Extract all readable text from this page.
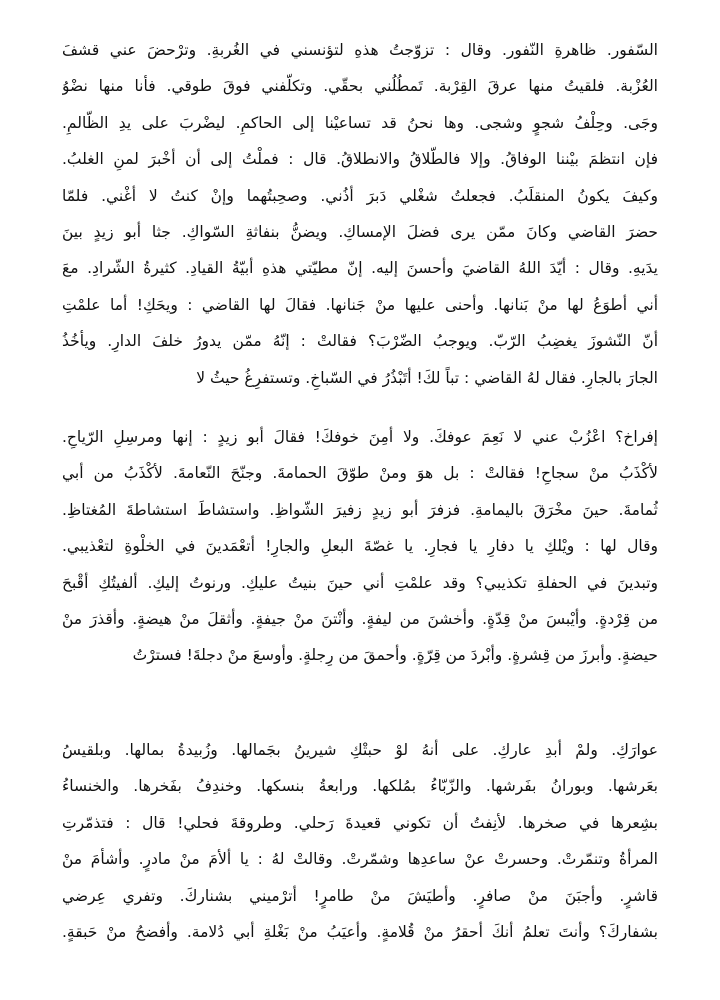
السّفور. ظاهرةِ النّفور. وقال : تزوّجتُ هذهِ لتؤنسني في الغُربةِ. وترْحضَ عني قشفَ
العُزْبة. فلقيتُ منها عرقَ القِرْبة. تَمطُلُني بحقّي. وتكلّفني فوقَ طوقي. فأنا منها نضْوُ
وجَى. وحِلْفُ شجوٍ وشجى. وها نحنُ قد تساعيْنا إلى الحاكمِ. ليضْربَ على يدِ الظّالمِ.
فإن انتظمَ بيْننا الوفاقُ. وإلا فالطّلاقُ والانطلاقُ. قال : فملْتُ إلى أن أخْبرَ لمنِ الغلبُ.
وكيفَ يكونُ المنقلَبُ. فجعلتُ شغْلي دَبرَ أذُني. وصحِبتُهما وإنْ كنتُ لا أغْني. فلمّا
حضرَ القاضي وكانَ ممّن يرى فضلَ الإمساكِ. ويضنُّ بنفاثةِ السّواكِ. جثا أبو زيدٍ بينَ
يدَيهِ. وقال : أيّدَ اللهُ القاضيَ وأحسنَ إليه. إنّ مطيّتي هذهِ أبيّةُ القيادِ. كثيرةُ الشّرادِ. معَ
أني أطوَعُ لها منْ بَنانها. وأحنى عليها منْ جَنانها. فقالَ لها القاضي : ويحَكِ! أما علمْتِ
أنّ النّشوزَ يغضِبُ الرّبّ. ويوجبُ الضّرْبَ؟ فقالتْ : إنّهُ ممّن يدورُ خلفَ الدارِ. ويأخُذُ
الجارَ بالجارِ. فقال لهُ القاضي : تباً لكَ! أتَبْذُرُ في السّباخِ. وتستفرِغُ حيثُ لا
إفراخ؟ اعْزُبْ عني لا نَعِمَ عوفكَ. ولا أمِنَ خوفكَ! فقالَ أبو زيدٍ : إنها ومرسِلِ الرّياحِ.
لأكْذَبُ منْ سجاحِ! فقالتْ : بل هوَ ومنْ طوّقَ الحمامةَ. وجنّحَ النّعامةَ. لأكْذَبُ من أبي
ثُمامةَ. حينَ مخْرَقَ باليمامةِ. فزفرَ أبو زيدٍ زفيرَ الشّواظِ. واستشاطَ استشاطةَ المُغتاظِ.
وقال لها : ويْلكِ يا دفارِ يا فجارِ. يا غصّةَ البعلِ والجارِ! أتعْمَدينَ في الخلْوةِ لتعْذيبي.
وتبدينَ في الحفلةِ تكذيبي؟ وقد علمْتِ أني حينَ بنيتُ عليكِ. ورنوتُ إليكِ. ألفيتُكِ أقْبحَ
من قِرْدةٍ. وأيْبسَ منْ قِدّةٍ. وأخشنَ من ليفةٍ. وأنْتنَ منْ جيفةٍ. وأثقلَ منْ هيضةٍ. وأقذرَ منْ
حيضةٍ. وأبرزَ من قِشرةٍ. وأبْردَ من قِرّةٍ. وأحمقَ من رِجلةٍ. وأوسعَ منْ دجلةَ! فسترْتُ
عوارَكِ. ولمْ أبدِ عاركِ. على أنهُ لوْ حبتْكِ شيرينُ بجَمالها. وزُبيدةُ بمالها. وبلقيسُ
بعَرشها. وبورانُ بفَرشها. والزّبّاءُ بمُلكها. ورابعةُ بنسكها. وخندِفُ بفَخرها. والخنساءُ
بشِعرها في صخرها. لأنِفتُ أن تكوني قعيدةَ رَحلي. وطروقةَ فحلي! قال : فتذمّرتِ
المرأةُ وتنمّرتْ. وحسرتْ عنْ ساعدِها وشمّرتْ. وقالتْ لهُ : يا ألأمَ منْ مادرٍ. وأشأمَ منْ
قاشرٍ. وأجبَنَ منْ صافرٍ. وأطيَشَ منْ طامرٍ! أترْميني بشناركَ. وتفري عِرضي
بشفاركَ؟ وأنتَ تعلمُ أنكَ أحقرُ منْ قُلامةٍ. وأعيَبُ منْ بَغْلةِ أبي دُلامة. وأفضحُ منْ حَبقةٍ.
